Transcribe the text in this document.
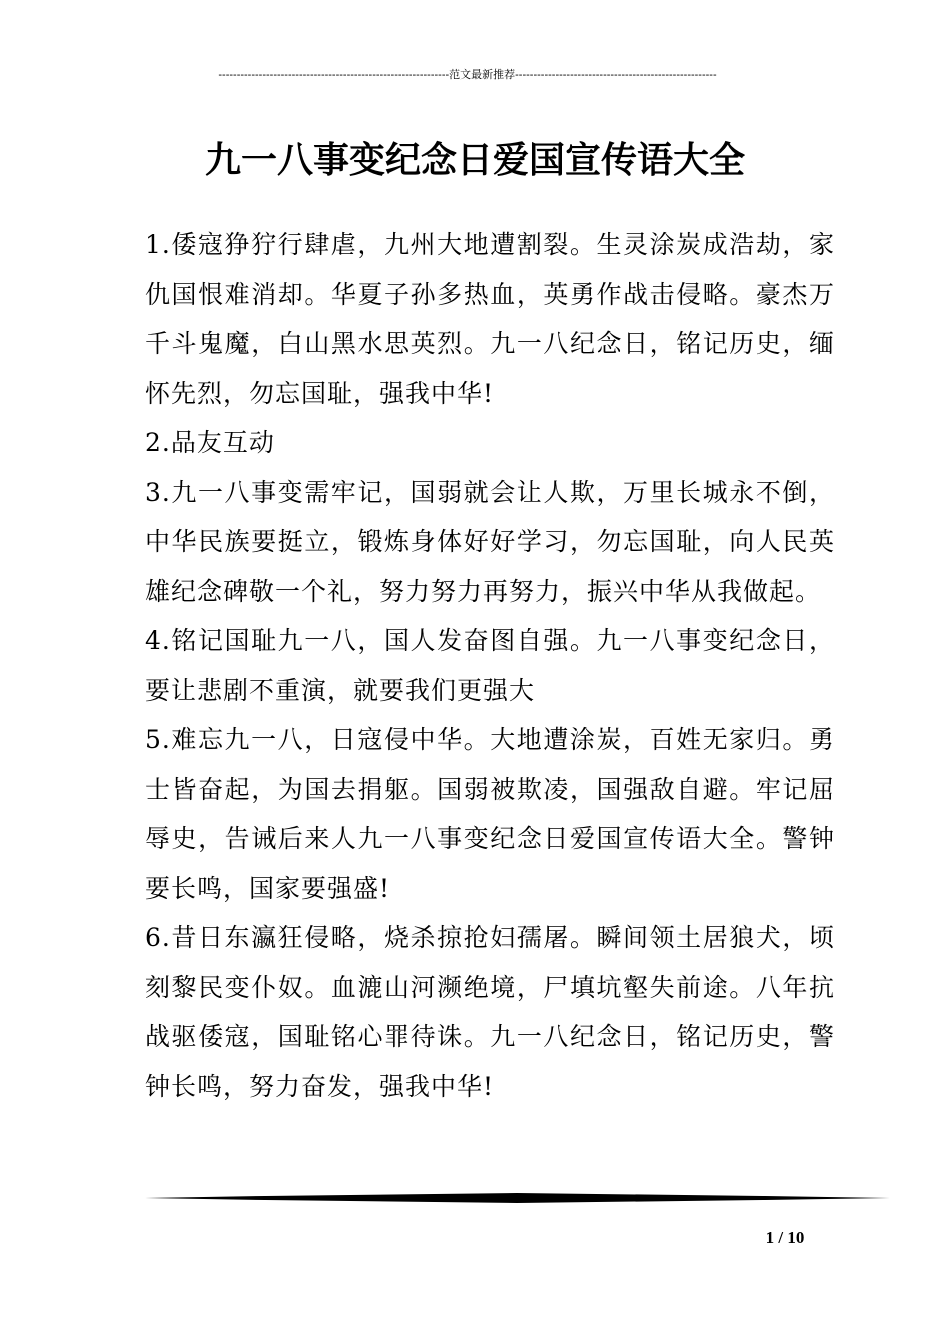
---------------------------------------------------------------范文最新推荐-------------------------------------------------------
九一八事变纪念日爱国宣传语大全

1.倭寇狰狞行肆虐，九州大地遭割裂。生灵涂炭成浩劫，家仇国恨难消却。华夏子孙多热血，英勇作战击侵略。豪杰万千斗鬼魔，白山黑水思英烈。九一八纪念日，铭记历史，缅怀先烈，勿忘国耻，强我中华!

2.品友互动

3.九一八事变需牢记，国弱就会让人欺，万里长城永不倒，中华民族要挺立，锻炼身体好好学习，勿忘国耻，向人民英雄纪念碑敬一个礼，努力努力再努力，振兴中华从我做起。

4.铭记国耻九一八，国人发奋图自强。九一八事变纪念日，要让悲剧不重演，就要我们更强大

5.难忘九一八，日寇侵中华。大地遭涂炭，百姓无家归。勇士皆奋起，为国去捐躯。国弱被欺凌，国强敌自避。牢记屈辱史，告诫后来人九一八事变纪念日爱国宣传语大全。警钟要长鸣，国家要强盛!

6.昔日东瀛狂侵略，烧杀掠抢妇孺屠。瞬间领土居狼犬，顷刻黎民变仆奴。血漉山河濒绝境，尸填坑壑失前途。八年抗战驱倭寇，国耻铭心罪待诛。九一八纪念日，铭记历史，警钟长鸣，努力奋发，强我中华!

1 / 10
